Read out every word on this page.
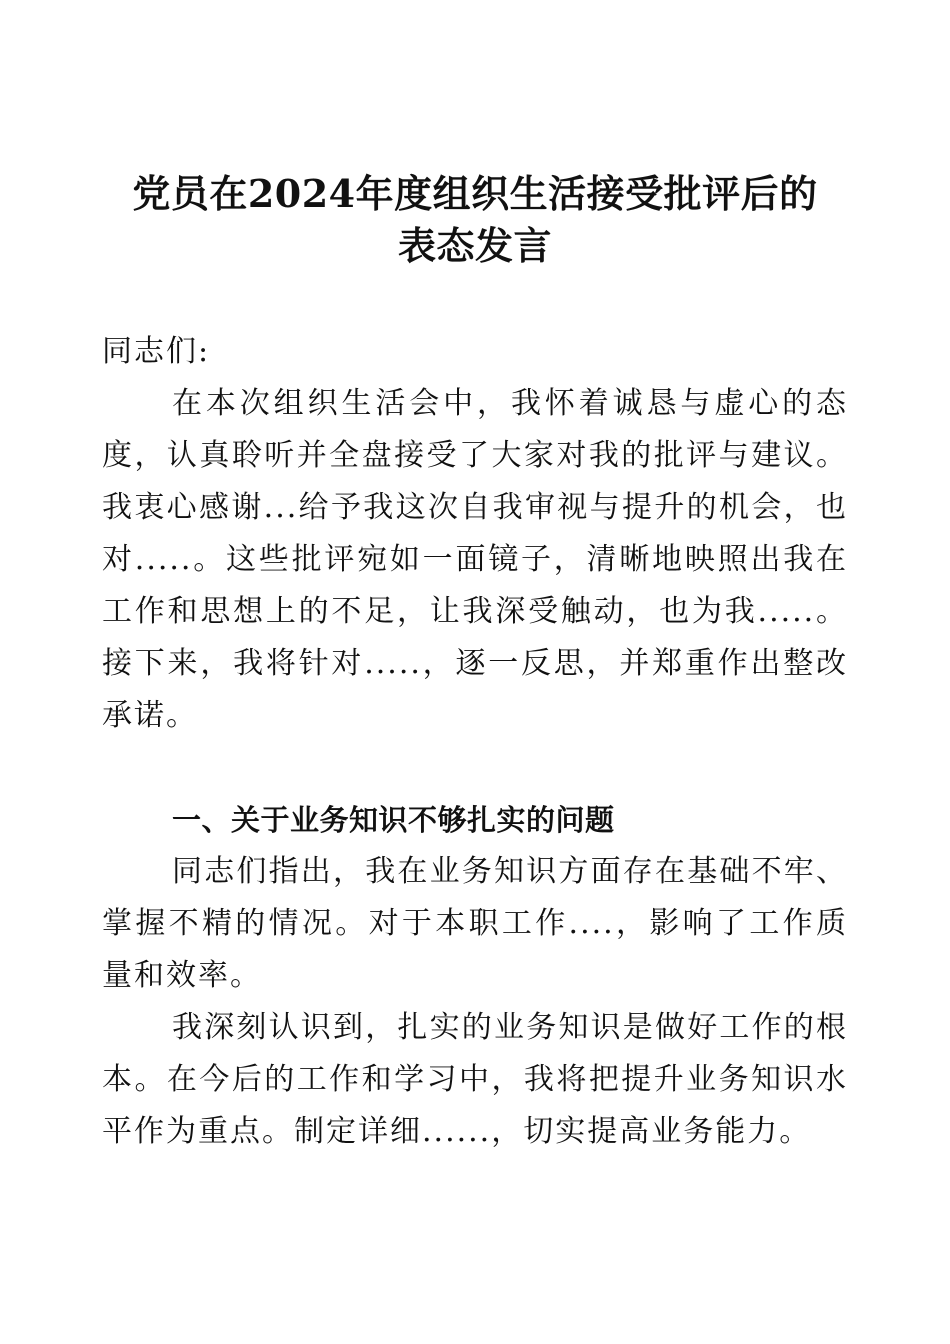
党员在2024年度组织生活接受批评后的
表态发言

同志们:

在本次组织生活会中，我怀着诚恳与虚心的态度，认真聆听并全盘接受了大家对我的批评与建议。我衷心感谢...给予我这次自我审视与提升的机会，也对.....。这些批评宛如一面镜子，清晰地映照出我在工作和思想上的不足，让我深受触动，也为我.....。接下来，我将针对.....，逐一反思，并郑重作出整改承诺。

一、关于业务知识不够扎实的问题

同志们指出，我在业务知识方面存在基础不牢、掌握不精的情况。对于本职工作....，影响了工作质量和效率。

我深刻认识到，扎实的业务知识是做好工作的根本。在今后的工作和学习中，我将把提升业务知识水平作为重点。制定详细......，切实提高业务能力。
